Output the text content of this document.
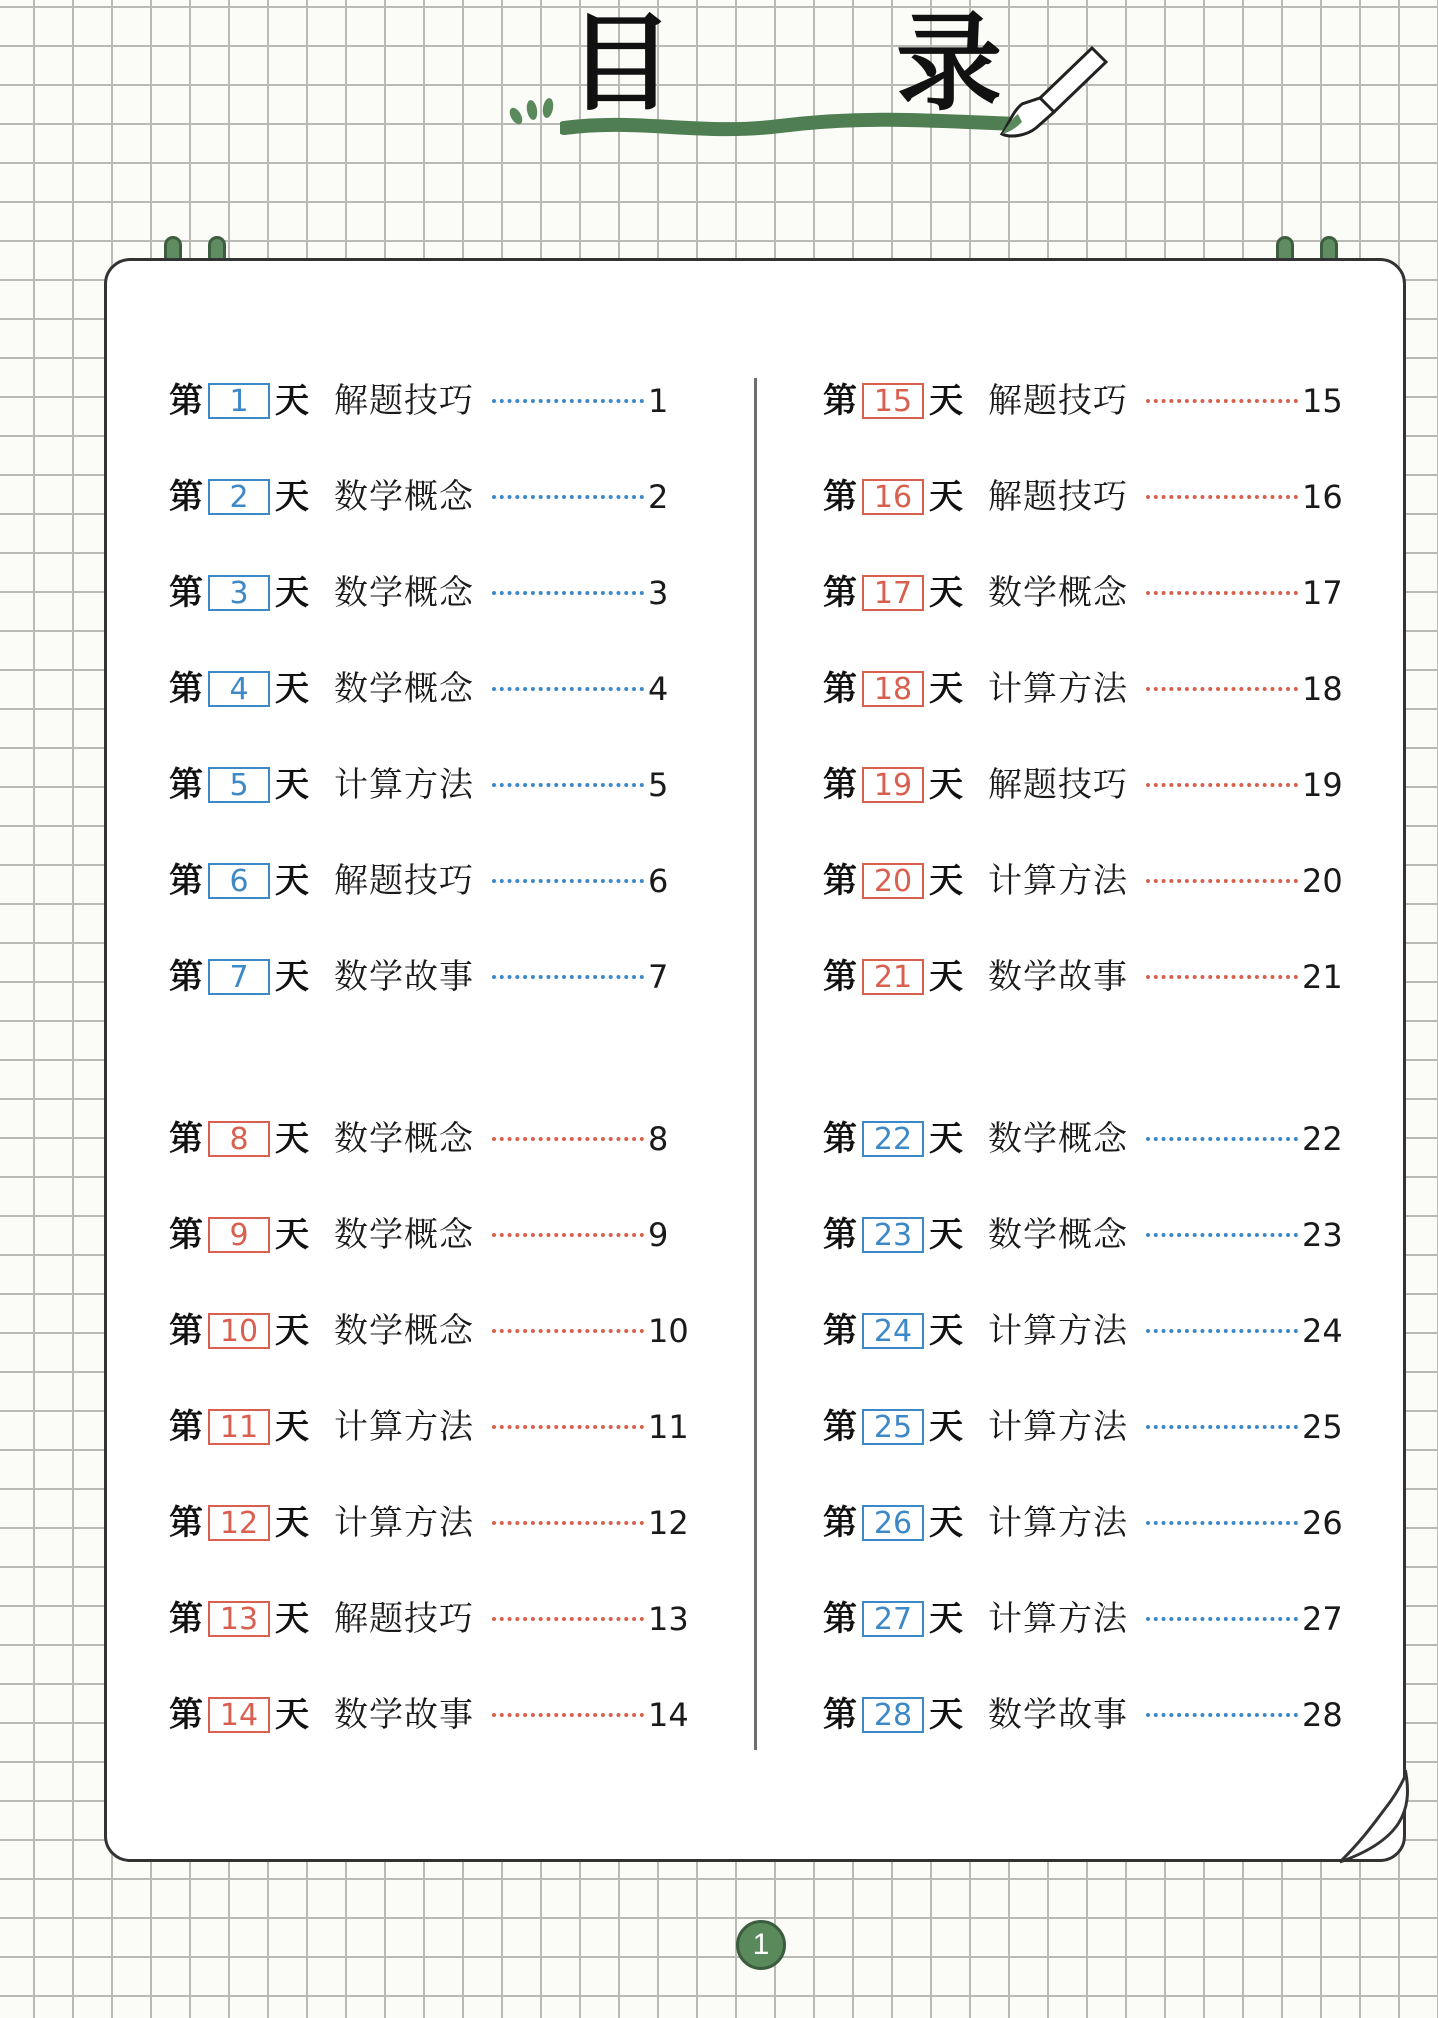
目 录
第 1 天 解题技巧	1
第 2 天 数学概念	2
第 3 天 数学概念	3
第 4 天 数学概念	4
第 5 天 计算方法	5
第 6 天 解题技巧	6
第 7 天 数学故事	7
第 8 天 数学概念	8
第 9 天 数学概念	9
第 10 天 数学概念	10
第 11 天 计算方法	11
第 12 天 计算方法	12
第 13 天 解题技巧	13
第 14 天 数学故事	14
第 15 天 解题技巧	15
第 16 天 解题技巧	16
第 17 天 数学概念	17
第 18 天 计算方法	18
第 19 天 解题技巧	19
第 20 天 计算方法	20
第 21 天 数学故事	21
第 22 天 数学概念	22
第 23 天 数学概念	23
第 24 天 计算方法	24
第 25 天 计算方法	25
第 26 天 计算方法	26
第 27 天 计算方法	27
第 28 天 数学故事	28
1
